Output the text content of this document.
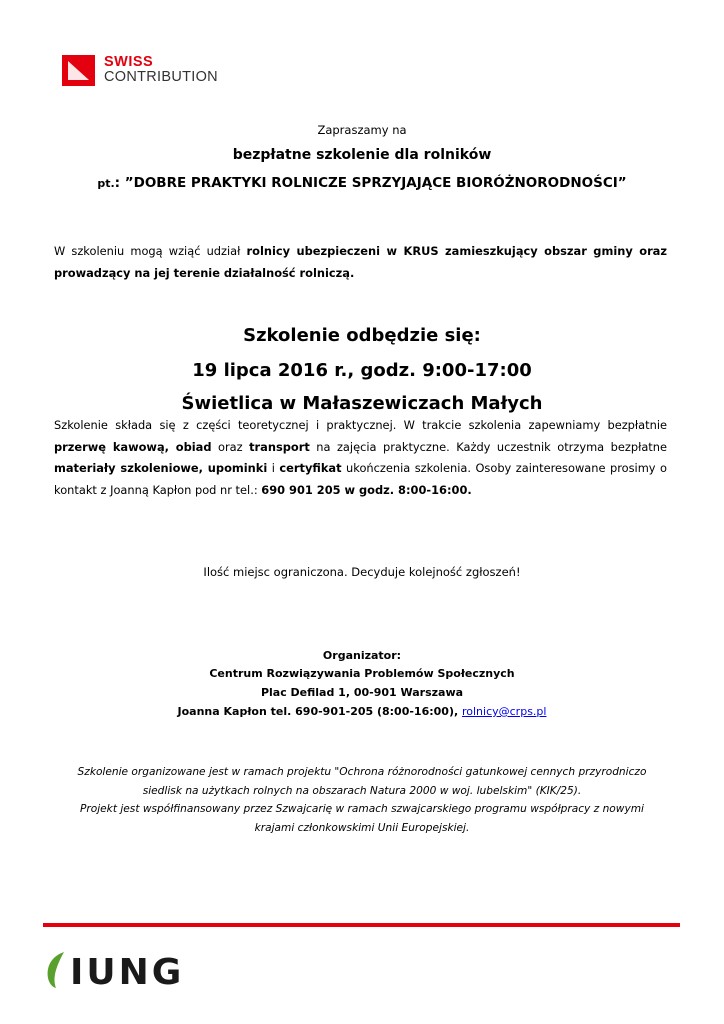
SWISS
CONTRIBUTION
Zapraszamy na
bezpłatne szkolenie dla rolników
pt.: ”DOBRE PRAKTYKI ROLNICZE SPRZYJAJĄCE BIORÓŻNORODNOŚCI”
W szkoleniu mogą wziąć udział rolnicy ubezpieczeni w KRUS zamieszkujący obszar gminy oraz prowadzący na jej terenie działalność rolniczą.
Szkolenie odbędzie się:
19 lipca 2016 r., godz. 9:00-17:00
Świetlica w Małaszewiczach Małych
Szkolenie składa się z części teoretycznej i praktycznej. W trakcie szkolenia zapewniamy bezpłatnie przerwę kawową, obiad oraz transport na zajęcia praktyczne. Każdy uczestnik otrzyma bezpłatne materiały szkoleniowe, upominki i certyfikat ukończenia szkolenia. Osoby zainteresowane prosimy o kontakt z Joanną Kapłon pod nr tel.: 690 901 205 w godz. 8:00-16:00.
Ilość miejsc ograniczona. Decyduje kolejność zgłoszeń!
Organizator:
Centrum Rozwiązywania Problemów Społecznych
Plac Defilad 1, 00-901 Warszawa
Joanna Kapłon tel. 690-901-205 (8:00-16:00), rolnicy@crps.pl
Szkolenie organizowane jest w ramach projektu "Ochrona różnorodności gatunkowej cennych przyrodniczo
siedlisk na użytkach rolnych na obszarach Natura 2000 w woj. lubelskim" (KIK/25).
Projekt jest współfinansowany przez Szwajcarię w ramach szwajcarskiego programu współpracy z nowymi
krajami członkowskimi Unii Europejskiej.
IUNG
